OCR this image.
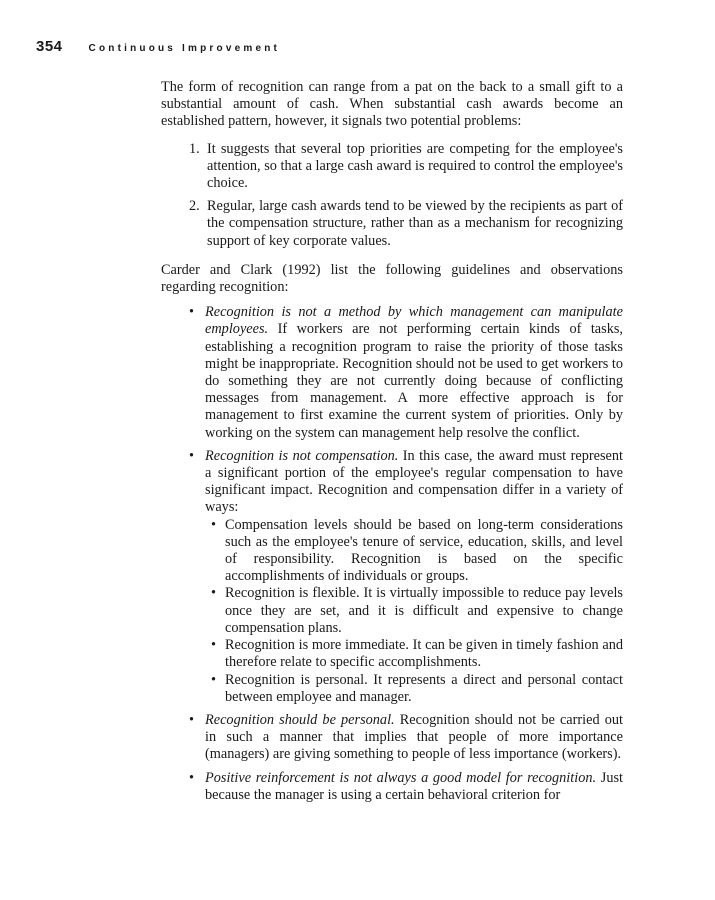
354	Continuous Improvement

The form of recognition can range from a pat on the back to a small gift to a substantial amount of cash. When substantial cash awards become an established pattern, however, it signals two potential problems:

1. It suggests that several top priorities are competing for the employee's attention, so that a large cash award is required to control the employee's choice.
2. Regular, large cash awards tend to be viewed by the recipients as part of the compensation structure, rather than as a mechanism for recognizing support of key corporate values.

Carder and Clark (1992) list the following guidelines and observations regarding recognition:

• Recognition is not a method by which management can manipulate employees. If workers are not performing certain kinds of tasks, establishing a recognition program to raise the priority of those tasks might be inappropriate. Recognition should not be used to get workers to do something they are not currently doing because of conflicting messages from management. A more effective approach is for management to first examine the current system of priorities. Only by working on the system can management help resolve the conflict.
• Recognition is not compensation. In this case, the award must represent a significant portion of the employee's regular compensation to have significant impact. Recognition and compensation differ in a variety of ways:
• Compensation levels should be based on long-term considerations such as the employee's tenure of service, education, skills, and level of responsibility. Recognition is based on the specific accomplishments of individuals or groups.
• Recognition is flexible. It is virtually impossible to reduce pay levels once they are set, and it is difficult and expensive to change compensation plans.
• Recognition is more immediate. It can be given in timely fashion and therefore relate to specific accomplishments.
• Recognition is personal. It represents a direct and personal contact between employee and manager.
• Recognition should be personal. Recognition should not be carried out in such a manner that implies that people of more importance (managers) are giving something to people of less importance (workers).
• Positive reinforcement is not always a good model for recognition. Just because the manager is using a certain behavioral criterion for
